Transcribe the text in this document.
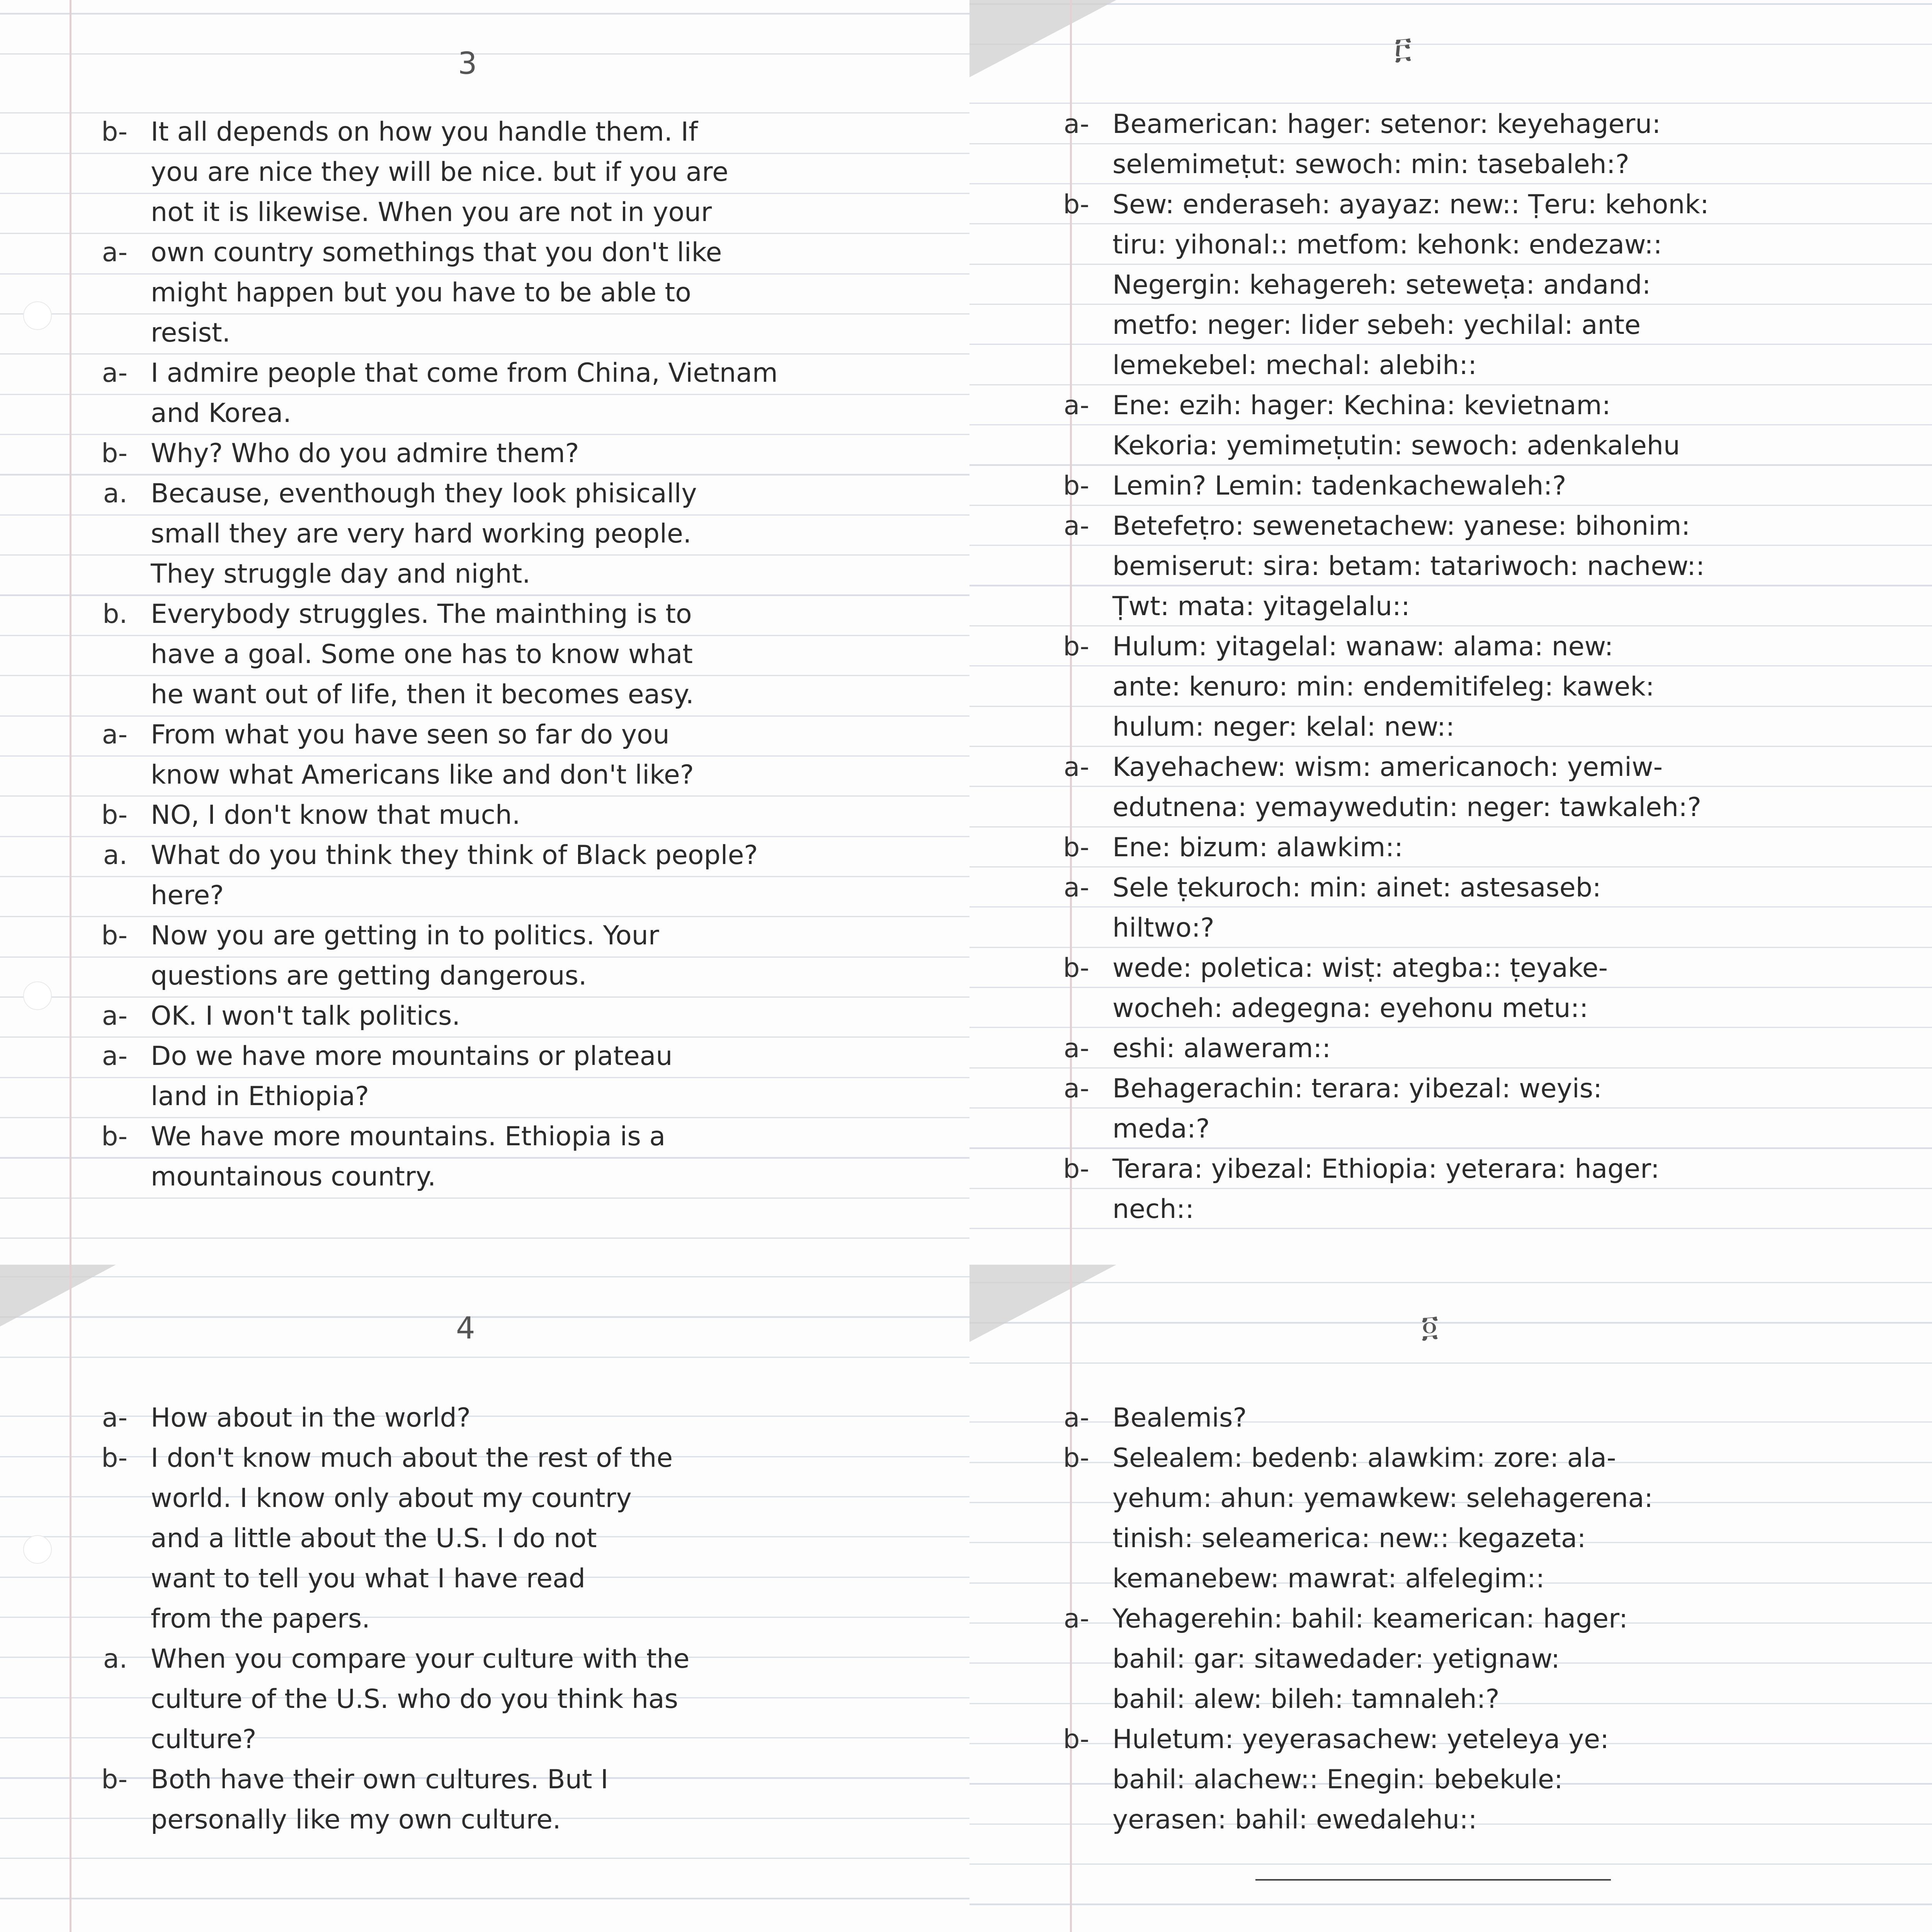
3
b- It all depends on how you handle them. If
you are nice they will be nice. but if you are
not it is likewise. When you are not in your
a- own country somethings that you don't like
might happen but you have to be able to
resist.
a- I admire people that come from China, Vietnam
and Korea.
b- Why? Who do you admire them?
a. Because, eventhough they look phisically
small they are very hard working people.
They struggle day and night.
b. Everybody struggles. The mainthing is to
have a goal. Some one has to know what
he want out of life, then it becomes easy.
a- From what you have seen so far do you
know what Americans like and don't like?
b- NO, I don't know that much.
a. What do you think they think of Black people?
here?
b- Now you are getting in to politics. Your
questions are getting dangerous.
a- OK. I won't talk politics.
a- Do we have more mountains or plateau
land in Ethiopia?
b- We have more mountains. Ethiopia is a
mountainous country.
፫
a- Beamerican: hager: setenor: keyehageru:
selemimeṭut: sewoch: min: tasebaleh:?
b- Sew: enderaseh: ayayaz: new:: Ṭeru: kehonk:
tiru: yihonal:: metfom: kehonk: endezaw::
Negergin: kehagereh: seteweṭa: andand:
metfo: neger: lider sebeh: yechilal: ante
lemekebel: mechal: alebih::
a- Ene: ezih: hager: Kechina: kevietnam:
Kekoria: yemimeṭutin: sewoch: adenkalehu
b- Lemin? Lemin: tadenkachewaleh:?
a- Betefeṭro: sewenetachew: yanese: bihonim:
bemiserut: sira: betam: tatariwoch: nachew::
Ṭwt: mata: yitagelalu::
b- Hulum: yitagelal: wanaw: alama: new:
ante: kenuro: min: endemitifeleg: kawek:
hulum: neger: kelal: new::
a- Kayehachew: wism: americanoch: yemiw-
edutnena: yemaywedutin: neger: tawkaleh:?
b- Ene: bizum: alawkim::
a- Sele ṭekuroch: min: ainet: astesaseb:
hiltwo:?
b- wede: poletica: wisṭ: ategba:: ṭeyake-
wocheh: adegegna: eyehonu metu::
a- eshi: alaweram::
a- Behagerachin: terara: yibezal: weyis:
meda:?
b- Terara: yibezal: Ethiopia: yeterara: hager:
nech::
4
a- How about in the world?
b- I don't know much about the rest of the
world. I know only about my country
and a little about the U.S. I do not
want to tell you what I have read
from the papers.
a. When you compare your culture with the
culture of the U.S. who do you think has
culture?
b- Both have their own cultures. But I
personally like my own culture.
፬
a- Bealemis?
b- Selealem: bedenb: alawkim: zore: ala-
yehum: ahun: yemawkew: selehagerena:
tinish: seleamerica: new:: kegazeta:
kemanebew: mawrat: alfelegim::
a- Yehagerehin: bahil: keamerican: hager:
bahil: gar: sitawedader: yetignaw:
bahil: alew: bileh: tamnaleh:?
b- Huletum: yeyerasachew: yeteleya ye:
bahil: alachew:: Enegin: bebekule:
yerasen: bahil: ewedalehu::
